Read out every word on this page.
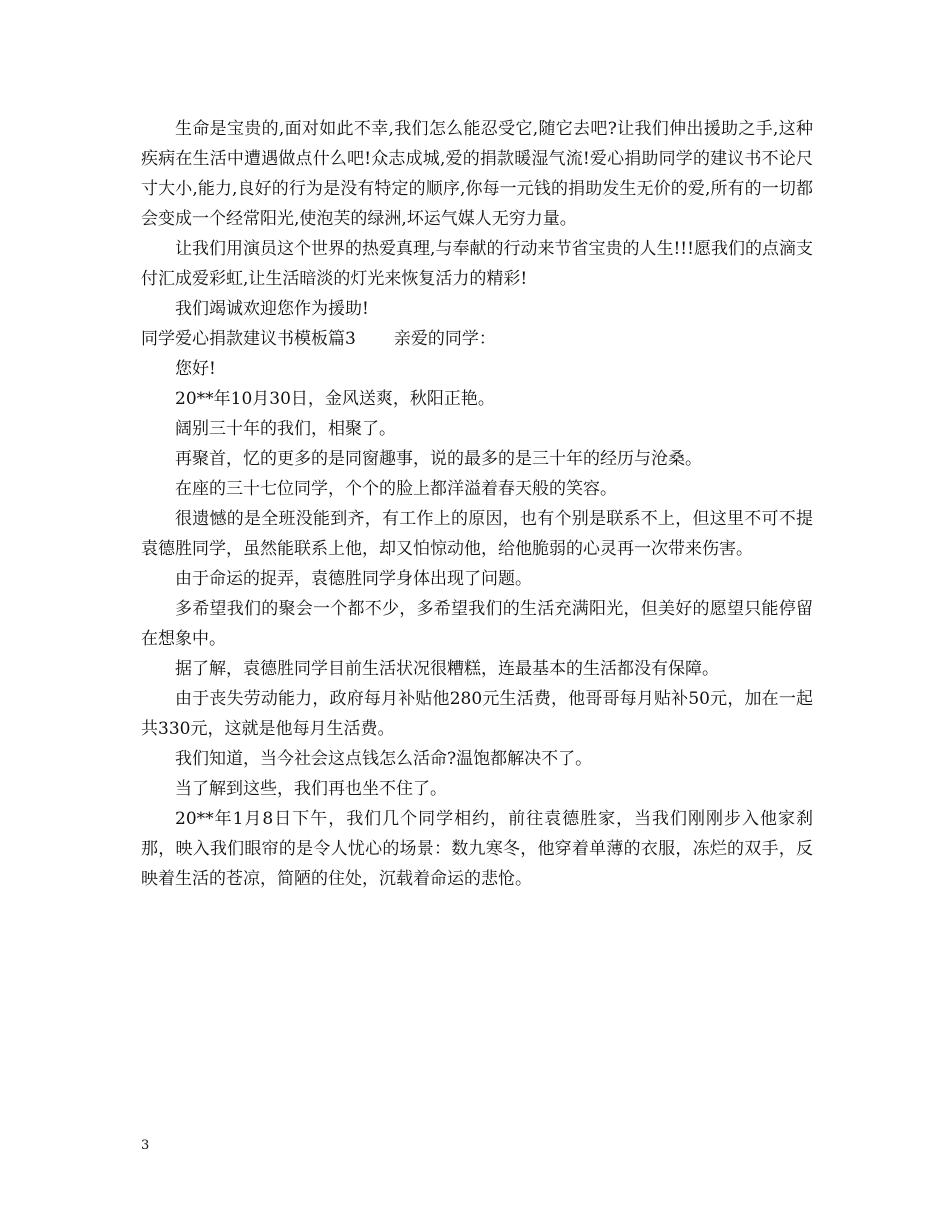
生命是宝贵的,面对如此不幸,我们怎么能忍受它,随它去吧?让我们伸出援助之手,这种疾病在生活中遭遇做点什么吧!众志成城,爱的捐款暖湿气流!爱心捐助同学的建议书不论尺寸大小,能力,良好的行为是没有特定的顺序,你每一元钱的捐助发生无价的爱,所有的一切都会变成一个经常阳光,使泡芙的绿洲,坏运气媒人无穷力量。

让我们用演员这个世界的热爱真理,与奉献的行动来节省宝贵的人生!!!愿我们的点滴支付汇成爱彩虹,让生活暗淡的灯光来恢复活力的精彩!

我们竭诚欢迎您作为援助!

同学爱心捐款建议书模板篇3 亲爱的同学：

您好!

20**年10月30日，金风送爽，秋阳正艳。

阔别三十年的我们，相聚了。

再聚首，忆的更多的是同窗趣事，说的最多的是三十年的经历与沧桑。

在座的三十七位同学，个个的脸上都洋溢着春天般的笑容。

很遗憾的是全班没能到齐，有工作上的原因，也有个别是联系不上，但这里不可不提袁德胜同学，虽然能联系上他，却又怕惊动他，给他脆弱的心灵再一次带来伤害。

由于命运的捉弄，袁德胜同学身体出现了问题。

多希望我们的聚会一个都不少，多希望我们的生活充满阳光，但美好的愿望只能停留在想象中。

据了解，袁德胜同学目前生活状况很糟糕，连最基本的生活都没有保障。

由于丧失劳动能力，政府每月补贴他280元生活费，他哥哥每月贴补50元，加在一起共330元，这就是他每月生活费。

我们知道，当今社会这点钱怎么活命?温饱都解决不了。

当了解到这些，我们再也坐不住了。

20**年1月8日下午，我们几个同学相约，前往袁德胜家，当我们刚刚步入他家刹那，映入我们眼帘的是令人忧心的场景：数九寒冬，他穿着单薄的衣服，冻烂的双手，反映着生活的苍凉，简陋的住处，沉载着命运的悲怆。

3
